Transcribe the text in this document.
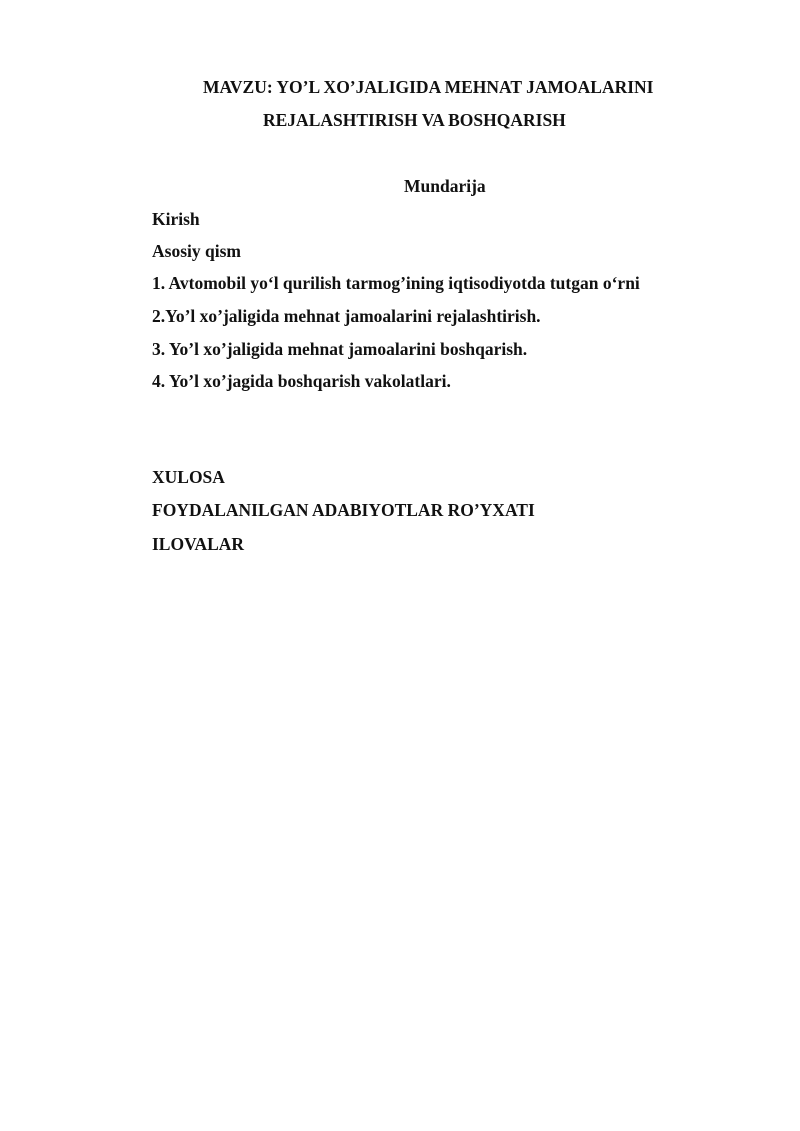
MAVZU: YO’L XO’JALIGIDA MEHNAT JAMOALARINI

REJALASHTIRISH VA BOSHQARISH

Mundarija

Kirish

Asosiy qism

1. Avtomobil yo‘l qurilish tarmog’ining iqtisodiyotda tutgan o‘rni

2.Yo’l xo’jaligida mehnat jamoalarini rejalashtirish.

3. Yo’l xo’jaligida mehnat jamoalarini boshqarish.

4. Yo’l xo’jagida boshqarish vakolatlari.

XULOSA

FOYDALANILGAN ADABIYOTLAR RO’YXATI

ILOVALAR
